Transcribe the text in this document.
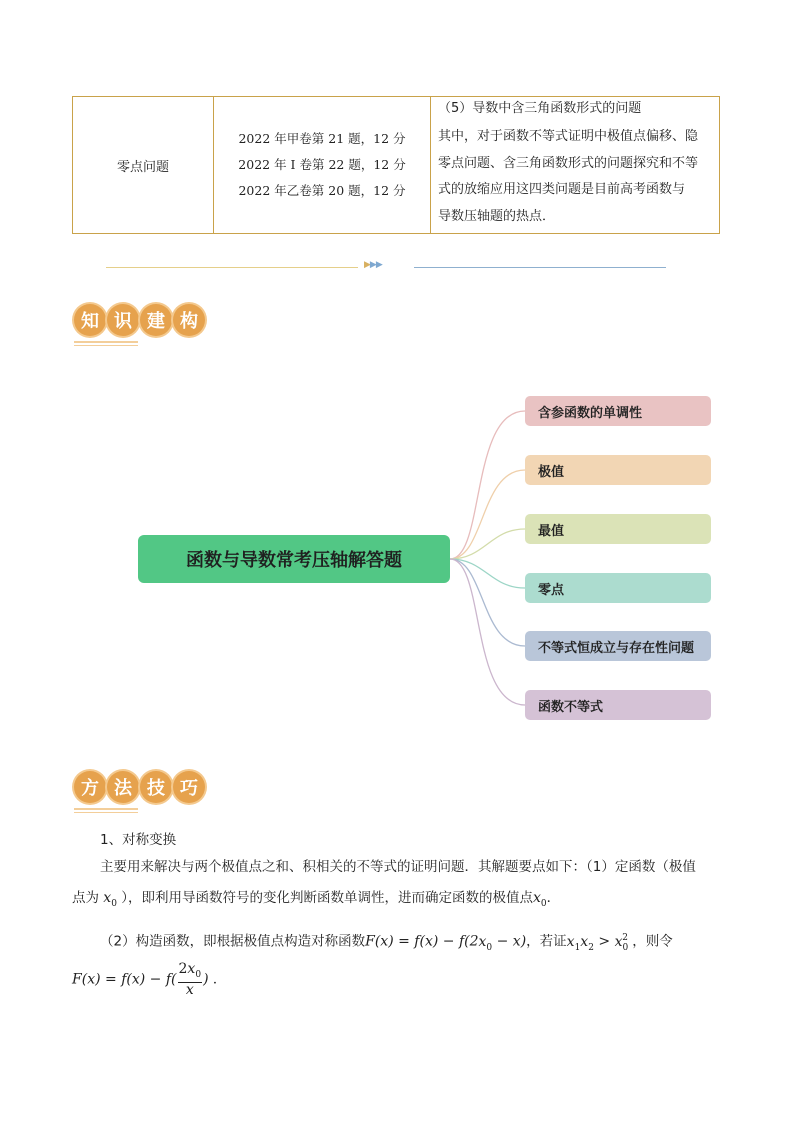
零点问题
2022 年甲卷第 21 题，12 分
2022 年 I 卷第 22 题，12 分
2022 年乙卷第 20 题，12 分
（5）导数中含三角函数形式的问题
其中，对于函数不等式证明中极值点偏移、隐
零点问题、含三角函数形式的问题探究和不等
式的放缩应用这四类问题是目前高考函数与
导数压轴题的热点．
▶▶▶
知 识 建 构
函数与导数常考压轴解答题
含参函数的单调性
极值
最值
零点
不等式恒成立与存在性问题
函数不等式
方 法 技 巧
1、对称变换
主要用来解决与两个极值点之和、积相关的不等式的证明问题．其解题要点如下：（1）定函数（极值
点为 $x_0$ ），即利用导函数符号的变化判断函数单调性，进而确定函数的极值点$x_0$．
（2）构造函数，即根据极值点构造对称函数$F(x) = f(x) - f(2x_0 - x)$，若证$x_1x_2 > x_0^2$ ，则令
$F(x) = f(x) - f( \frac{2x_0}{x}$ ) ．
